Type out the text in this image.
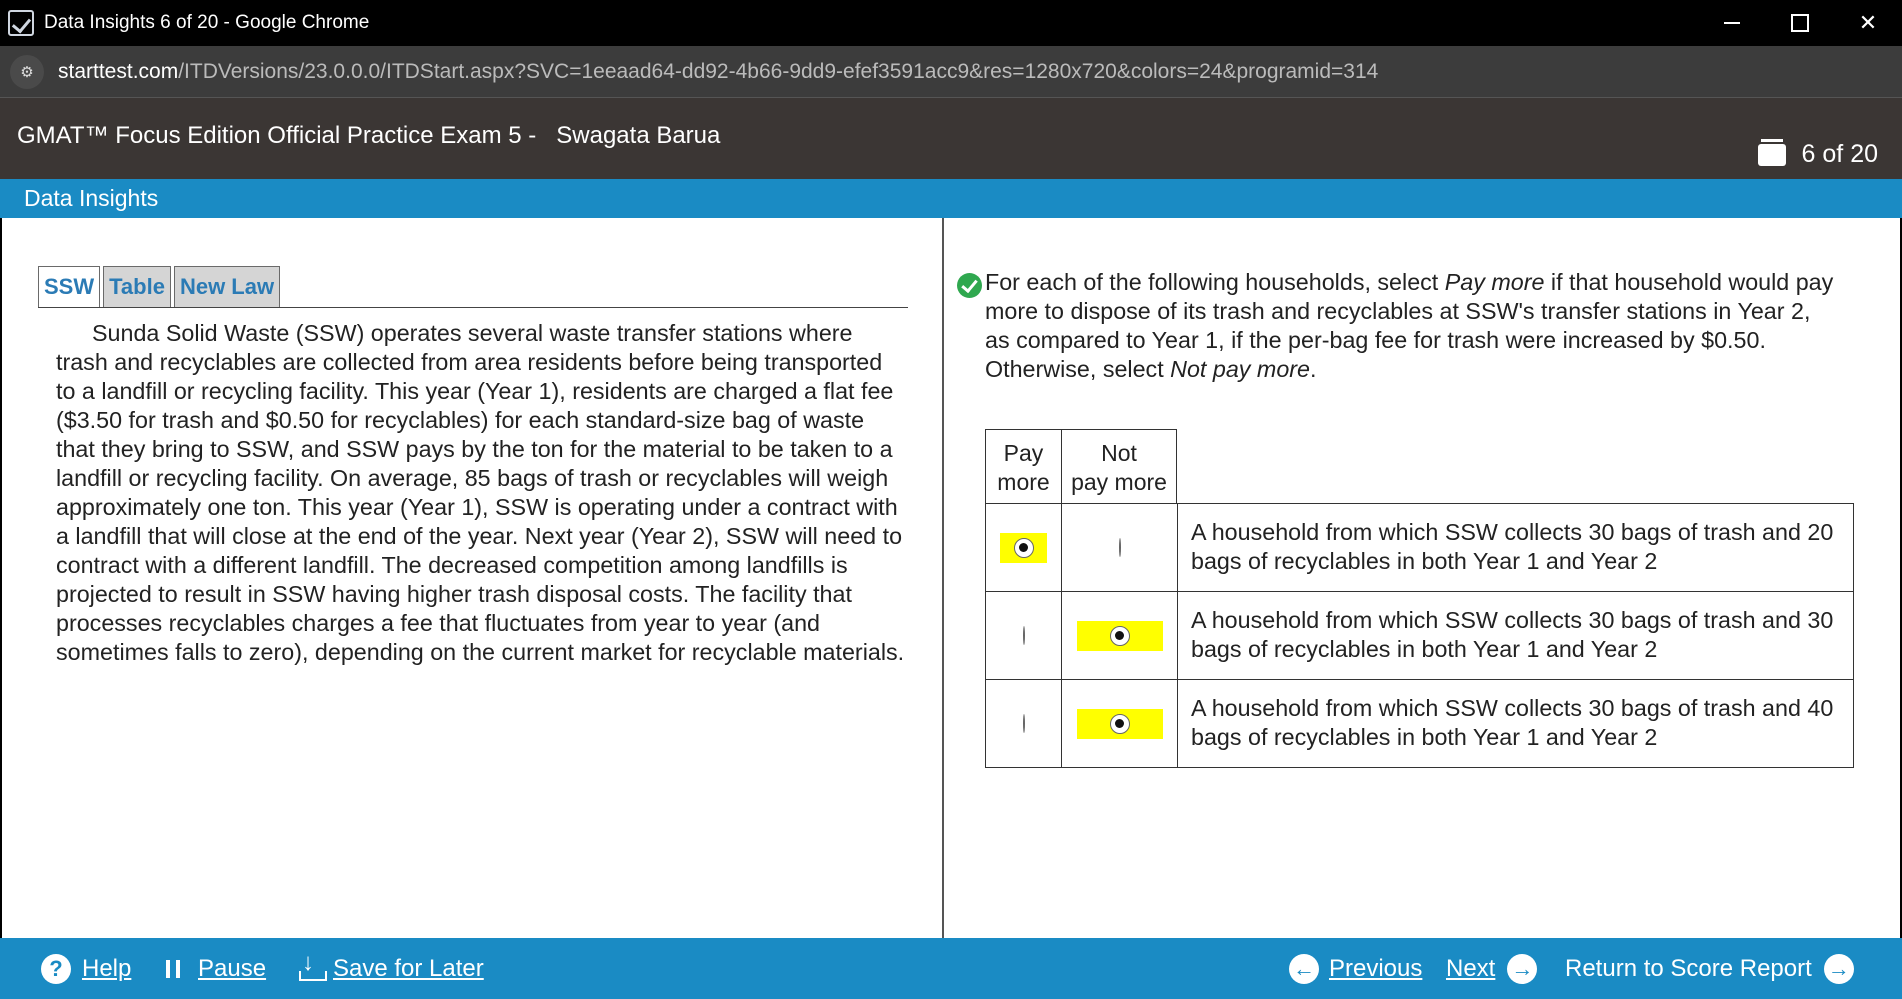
Data Insights 6 of 20 - Google Chrome	✕
⚙	starttest.com/ITDVersions/23.0.0.0/ITDStart.aspx?SVC=1eeaad64-dd92-4b66-9dd9-efef3591acc9&res=1280x720&colors=24&programid=314
GMAT™ Focus Edition Official Practice Exam 5 -   Swagata Barua
6 of 20
Data Insights
SSW Table New Law
Sunda Solid Waste (SSW) operates several waste transfer stations where trash and recyclables are collected from area residents before being transported to a landfill or recycling facility. This year (Year 1), residents are charged a flat fee ($3.50 for trash and $0.50 for recyclables) for each standard-size bag of waste that they bring to SSW, and SSW pays by the ton for the material to be taken to a landfill or recycling facility. On average, 85 bags of trash or recyclables will weigh approximately one ton. This year (Year 1), SSW is operating under a contract with a landfill that will close at the end of the year. Next year (Year 2), SSW will need to contract with a different landfill. The decreased competition among landfills is projected to result in SSW having higher trash disposal costs. The facility that processes recyclables charges a fee that fluctuates from year to year (and sometimes falls to zero), depending on the current market for recyclable materials.
For each of the following households, select Pay more if that household would pay more to dispose of its trash and recyclables at SSW's transfer stations in Year 2, as compared to Year 1, if the per-bag fee for trash were increased by $0.50. Otherwise, select Not pay more.
Pay
more
Not
pay more
A household from which SSW collects 30 bags of trash and 20 bags of recyclables in both Year 1 and Year 2
A household from which SSW collects 30 bags of trash and 30 bags of recyclables in both Year 1 and Year 2
A household from which SSW collects 30 bags of trash and 40 bags of recyclables in both Year 1 and Year 2
? Help	Pause
↓	Save for Later	← Previous Next → Return to Score Report →
